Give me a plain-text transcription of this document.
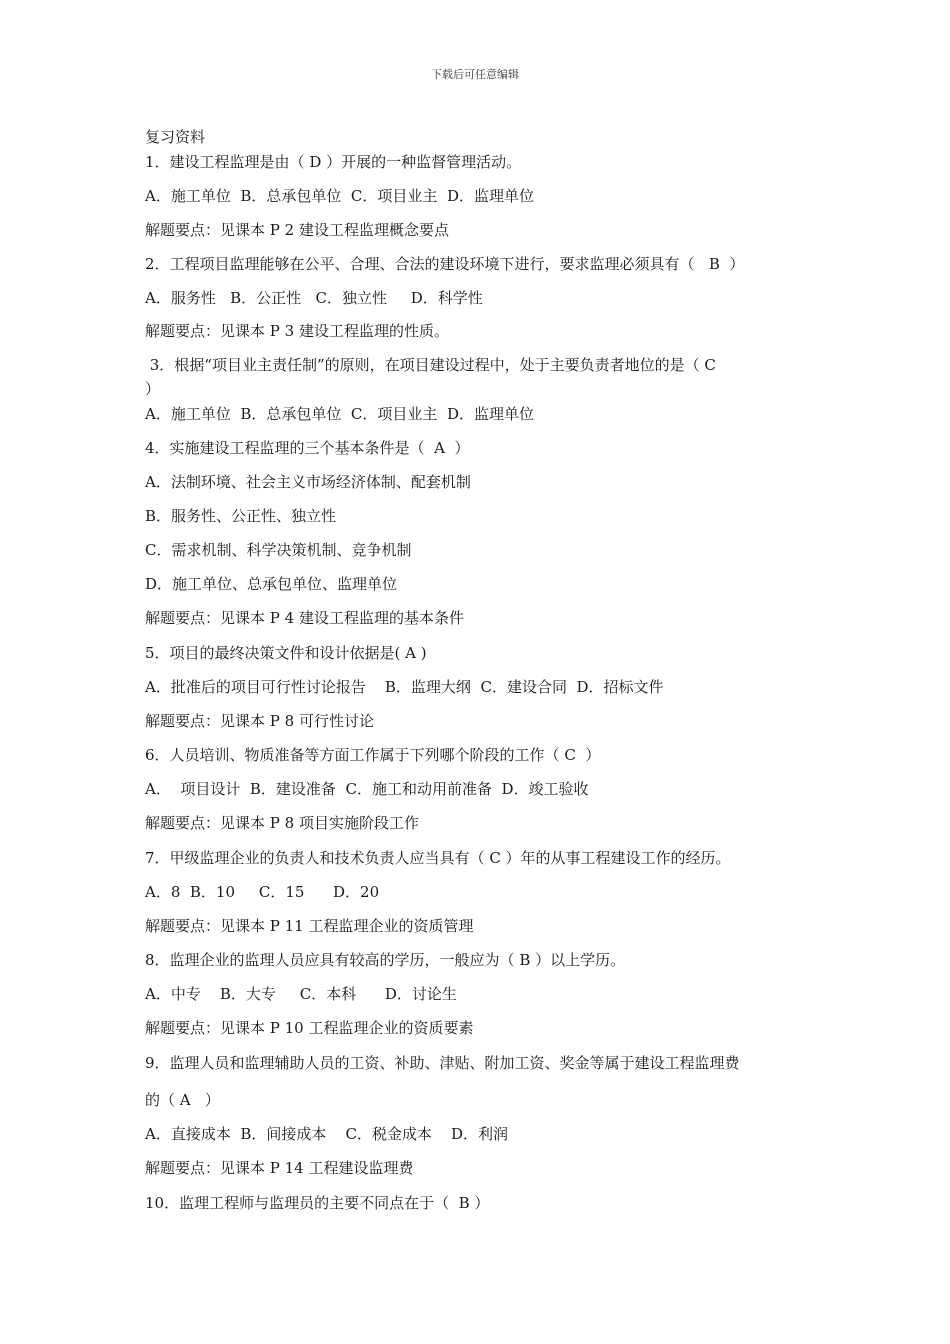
下载后可任意编辑
复习资料
1．建设工程监理是由（ D ）开展的一种监督管理活动。
A．施工单位  B．总承包单位  C．项目业主  D．监理单位
解题要点：见课本 P 2 建设工程监理概念要点
2．工程项目监理能够在公平、合理、合法的建设环境下进行，要求监理必须具有（   B  ）
A．服务性   B．公正性   C．独立性     D．科学性
解题要点：见课本 P 3 建设工程监理的性质。
3．根据“项目业主责任制”的原则，在项目建设过程中，处于主要负责者地位的是（ C
）
A．施工单位  B．总承包单位  C．项目业主  D．监理单位
4．实施建设工程监理的三个基本条件是（  A  ）
A．法制环境、社会主义市场经济体制、配套机制
B．服务性、公正性、独立性
C．需求机制、科学决策机制、竞争机制
D．施工单位、总承包单位、监理单位
解题要点：见课本 P 4 建设工程监理的基本条件
5．项目的最终决策文件和设计依据是( A )
A．批准后的项目可行性讨论报告    B．监理大纲  C．建设合同  D．招标文件
解题要点：见课本 P 8 可行性讨论
6．人员培训、物质准备等方面工作属于下列哪个阶段的工作（ C  ）
A．  项目设计  B．建设准备  C．施工和动用前准备  D．竣工验收
解题要点：见课本 P 8 项目实施阶段工作
7．甲级监理企业的负责人和技术负责人应当具有（ C ）年的从事工程建设工作的经历。
A．8  B．10     C．15      D．20
解题要点：见课本 P 11 工程监理企业的资质管理
8．监理企业的监理人员应具有较高的学历，一般应为（ B ）以上学历。
A．中专    B．大专     C．本科      D．讨论生
解题要点：见课本 P 10 工程监理企业的资质要素
9．监理人员和监理辅助人员的工资、补助、津贴、附加工资、奖金等属于建设工程监理费
的（ A   ）
A．直接成本  B．间接成本    C．税金成本    D．利润
解题要点：见课本 P 14 工程建设监理费
10．监理工程师与监理员的主要不同点在于（  B ）
